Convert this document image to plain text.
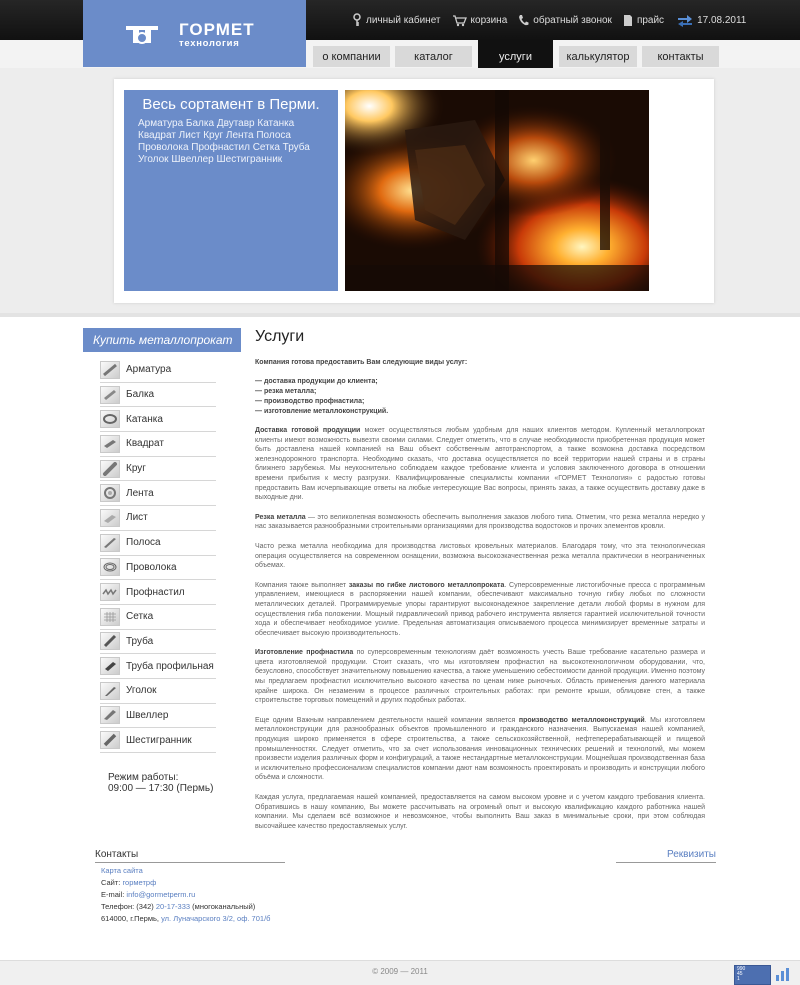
ГОРМЕТ
технология
личный кабинет	корзина	обратный звонок	прайс	17.08.2011
о компании	каталог	услуги	калькулятор	контакты
Весь сортамент в Перми.
Арматура Балка Двутавр Катанка Квадрат Лист Круг Лента Полоса Проволока Профнастил Сетка Труба Уголок Швеллер Шестигранник
Купить металлопрокат
Арматура
Балка
Катанка
Квадрат
Круг
Лента
Лист
Полоса
Проволока
Профнастил
Сетка
Труба
Труба профильная
Уголок
Швеллер
Шестигранник
Режим работы:
09:00 — 17:30 (Пермь)
Услуги
Компания готова предоставить Вам следующие виды услуг:
— доставка продукции до клиента;
— резка металла;
— производство профнастила;
— изготовление металлоконструкций.

Доставка готовой продукции может осуществляться любым удобным для наших клиентов методом. Купленный металлопрокат клиенты имеют возможность вывезти своими силами. Следует отметить, что в случае необходимости приобретенная продукция может быть доставлена нашей компанией на Ваш объект собственным автотранспортом, а также возможна доставка посредством железнодорожного транспорта. Необходимо сказать, что доставка осуществляется по всей территории нашей страны и в страны ближнего зарубежья. Мы неукоснительно соблюдаем каждое требование клиента и условия заключенного договора в отношении времени прибытия к месту разгрузки. Квалифицированные специалисты компании «ГОРМЕТ Технология» с радостью готовы предоставить Вам исчерпывающие ответы на любые интересующие Вас вопросы, принять заказ, а также осуществить доставку даже в выходные дни.

Резка металла — это великолепная возможность обеспечить выполнения заказов любого типа. Отметим, что резка металла нередко у нас заказывается разнообразными строительными организациями для производства водостоков и прочих элементов кровли.

Часто резка металла необходима для производства листовых кровельных материалов. Благодаря тому, что эта технологическая операция осуществляется на современном оснащении, возможна высокоэкачественная резка металла практически в неограниченных объемах.

Компания также выполняет заказы по гибке листового металлопроката. Суперсовременные листогибочные пресса с программным управлением, имеющиеся в распоряжении нашей компании, обеспечивают максимально точную гибку любых по сложности металлических деталей. Программируемые упоры гарантируют высоконадежное закрепление детали любой формы в нужном для осуществления гиба положении. Мощный гидравлический привод рабочего инструмента является гарантией исключительной точности хода и обеспечивает необходимое усилие. Предельная автоматизация описываемого процесса минимизирует временные затраты и обеспечивает высокую производительность.

Изготовление профнастила по суперсовременным технологиям даёт возможность учесть Ваше требование касательно размера и цвета изготовляемой продукции. Стоит сказать, что мы изготовляем профнастил на высокотехнологичном оборудовании, что, безусловно, способствует значительному повышению качества, а также уменьшению себестоимости данной продукции. Именно поэтому мы предлагаем профнастил исключительно высокого качества по ценам ниже рыночных. Область применения данного материала крайне широка. Он незаменим в процессе различных строительных работах: при ремонте крыши, облицовке стен, а также строительстве торговых помещений и других подобных работах.

Еще одним Важным направлением деятельности нашей компании является производство металлоконструкций. Мы изготовляем металлоконструкции для разнообразных объектов промышленного и гражданского назначения. Выпускаемая нашей компанией, продукция широко применяется в сфере строительства, а также сельскохозяйственной, нефтеперерабатывающей и пищевой промышленностях. Следует отметить, что за счет использования инновационных технических решений и технологий, мы можем произвести изделия различных форм и конфигураций, а также нестандартные металлоконструкции. Мощнейшая производственная база и исключительно профессионализм специалистов компании дают нам возможность проектировать и производить и конструкции любого объёма и сложности.

Каждая услуга, предлагаемая нашей компанией, предоставляется на самом высоком уровне и с учетом каждого требования клиента. Обратившись в нашу компанию, Вы можете рассчитывать на огромный опыт и высокую квалификацию каждого работника нашей компании. Мы сделаем всё возможное и невозможное, чтобы выполнить Ваш заказ в минимальные сроки, при этом соблюдая высочайшее качество предоставляемых услуг.

Контакты	Реквизиты
Карта сайта
Сайт: горметрф
E-mail: info@gormetperm.ru
Телефон: (342) 20-17-333 (многоканальный)
614000, г.Пермь, ул. Луначарского 3/2, оф. 701/б
© 2009 — 2011	990
45
1
